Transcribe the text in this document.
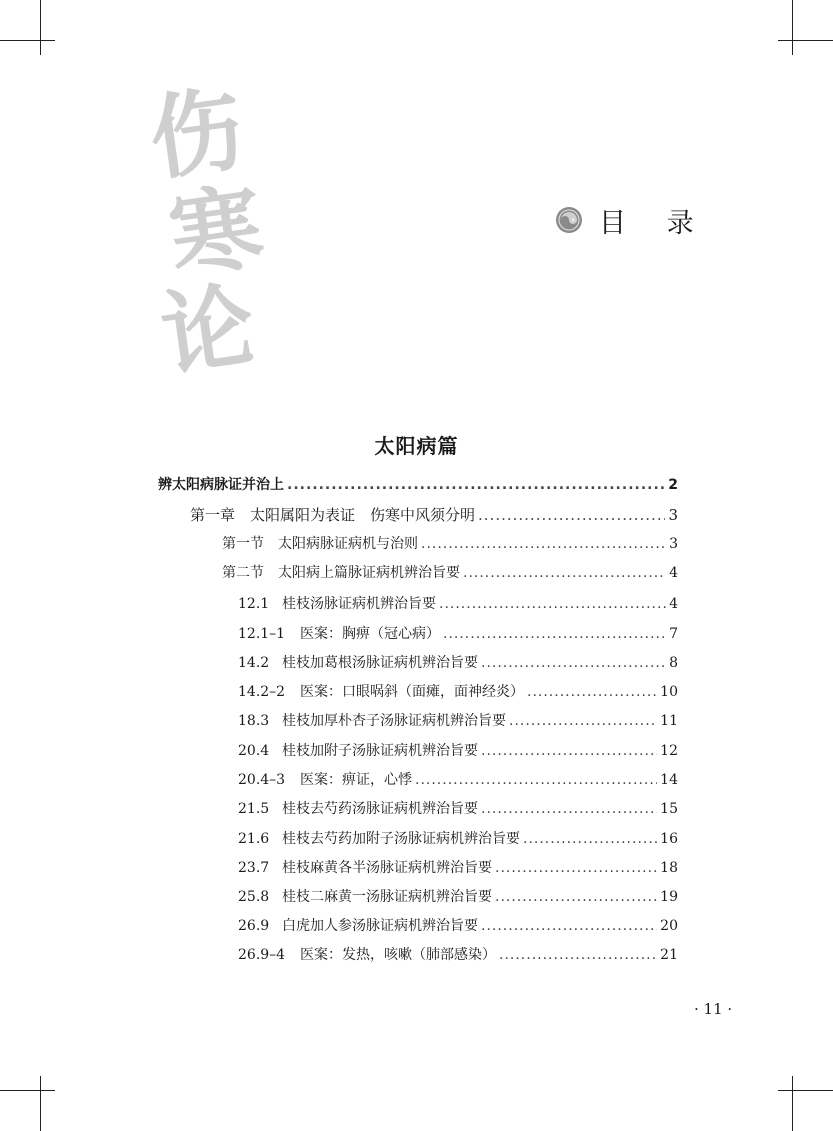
伤
寒
论
目 录
太阳病篇
辨太阳病脉证并治上 .....	2
第一章　太阳属阳为表证　伤寒中风须分明 .....	3
第一节　太阳病脉证病机与治则 .....	3
第二节　太阳病上篇脉证病机辨治旨要 .....	4
12.1 桂枝汤脉证病机辨治旨要 .....	4
12.1–1	医案：胸痹（冠心病） .....	7
14.2 桂枝加葛根汤脉证病机辨治旨要 .....	8
14.2–2	医案：口眼㖞斜（面瘫，面神经炎） .....	10
18.3 桂枝加厚朴杏子汤脉证病机辨治旨要 .....	11
20.4 桂枝加附子汤脉证病机辨治旨要 .....	12
20.4–3	医案：痹证，心悸 .....	14
21.5 桂枝去芍药汤脉证病机辨治旨要 .....	15
21.6 桂枝去芍药加附子汤脉证病机辨治旨要 .....	16
23.7 桂枝麻黄各半汤脉证病机辨治旨要 .....	18
25.8 桂枝二麻黄一汤脉证病机辨治旨要 .....	19
26.9 白虎加人参汤脉证病机辨治旨要 .....	20
26.9–4	医案：发热，咳嗽（肺部感染） .....	21
· 11 ·
